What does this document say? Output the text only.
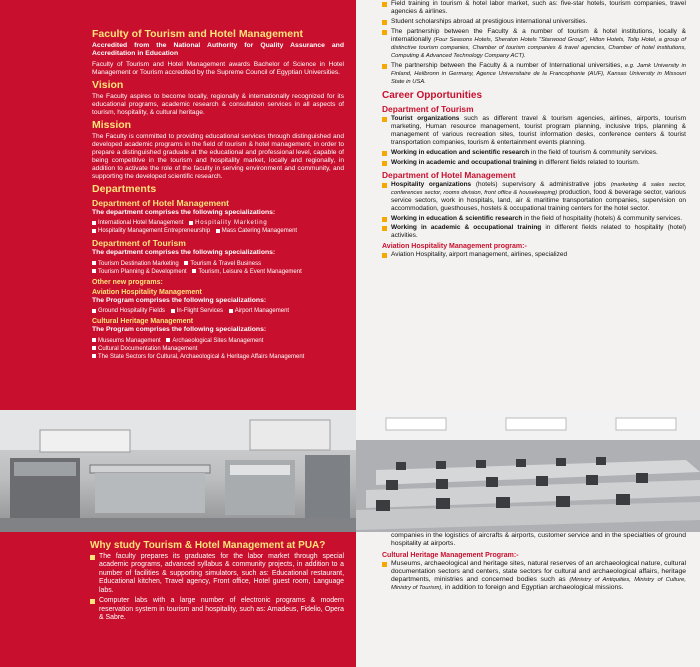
Faculty of Tourism and Hotel Management

Accredited from the National Authority for Quality Assurance and Accreditation in Education

Faculty of Tourism and Hotel Management awards Bachelor of Science in Hotel Management or Tourism accredited by the Supreme Council of Egyptian Universities.

Vision

The Faculty aspires to become locally, regionally & internationally recognized for its educational programs, academic research & consultation services in all aspects of tourism, hospitality, & cultural heritage.

Mission

The Faculty is committed to providing educational services through distinguished and developed academic programs in the field of tourism & hotel management, in order to prepare a distinguished graduate at the educational and professional level, capable of being competitive in the tourism and hospitality market, locally and regionally, in addition to activate the role of the faculty in serving environment and community, and supporting the developed scientific research.

Departments
Department of Hotel Management

The department comprises the following specializations:

International Hotel Management Hospitality Marketing
Hospitality Management Entrepreneurship Mass Catering Management
Department of Tourism

The department comprises the following specializations:

Tourism Destination Marketing Tourism & Travel Business
Tourism Planning & Development Tourism, Leisure & Event Management
Other new programs:
Aviation Hospitality Management

The Program comprises the following specializations:

Ground Hospitality Fields In-Flight Services Airport Management
Cultural Heritage Management

The Program comprises the following specializations:

Museums Management Archaeological Sites Management
Cultural Documentation Management
The State Sectors for Cultural, Archaeological & Heritage Affairs Management

Field training in tourism & hotel labor market, such as: five-star hotels, tourism companies, travel agencies & airlines.

Student scholarships abroad at prestigious international universities.

The partnership between the Faculty & a number of tourism & hotel institutions, locally & internationally (Four Seasons Hotels, Sheraton Hotels "Starwood Group", Hilton Hotels, Tolip Hotel, a group of distinctive tourism companies, Chamber of tourism companies & travel agencies, Chamber of hotel institutions, Computing & Advanced Technology Company ACT).

The partnership between the Faculty & a number of International universities, e.g. Jamk University in Finland, Heilbronn in Germany, Agence Universitaire de la Francophonie (AUF), Kansas University in Missouri State in USA.

Career Opportunities
Department of Tourism

Tourist organizations such as different travel & tourism agencies, airlines, airports, tourism marketing, Human resource management, tourist program planning, inclusive trips, planning & management of various recreation sites, tourist information desks, conference centers & tourist transportation companies, tourism & entertainment events planning.

Working in education and scientific research in the field of tourism & community services.

Working in academic and occupational training in different fields related to tourism.

Department of Hotel Management

Hospitality organizations (hotels) supervisory & administrative jobs (marketing & sales sector, conferences sector, rooms division, front office & housekeeping) production, food & beverage sector, various service sectors, work in hospitals, land, air & maritime transportation companies, supervision on accommodation, guesthouses, hostels & occupational training centers for the hotel sector.

Working in education & scientific research in the field of hospitality (hotels) & community services.

Working in academic & occupational training in different fields related to hospitality (hotel) activities.

Aviation Hospitality Management program:-

Aviation Hospitality, airport management, airlines, specialized

Why study Tourism & Hotel Management at PUA?

The faculty prepares its graduates for the labor market through special academic programs, advanced syllabus & community projects, in addition to a number of facilities & supporting simulators, such as: Educational restaurant, Educational kitchen, Travel agency, Front office, Hotel guest room, Language labs.

Computer labs with a large number of electronic programs & modern reservation system in tourism and hospitality, such as: Amadeus, Fidelio, Opera & Sabre.

companies in the logistics of aircrafts & airports, customer service and in the specialties of ground hospitality at airports.

Cultural Heritage Management Program:-

Museums, archaeological and heritage sites, natural reserves of an archaeological nature, cultural documentation sectors and centers, state sectors for cultural and archaeological affairs, heritage departments, ministries and concerned bodies such as (Ministry of Antiquities, Ministry of Culture, Ministry of Tourism), in addition to foreign and Egyptian archaeological missions.
